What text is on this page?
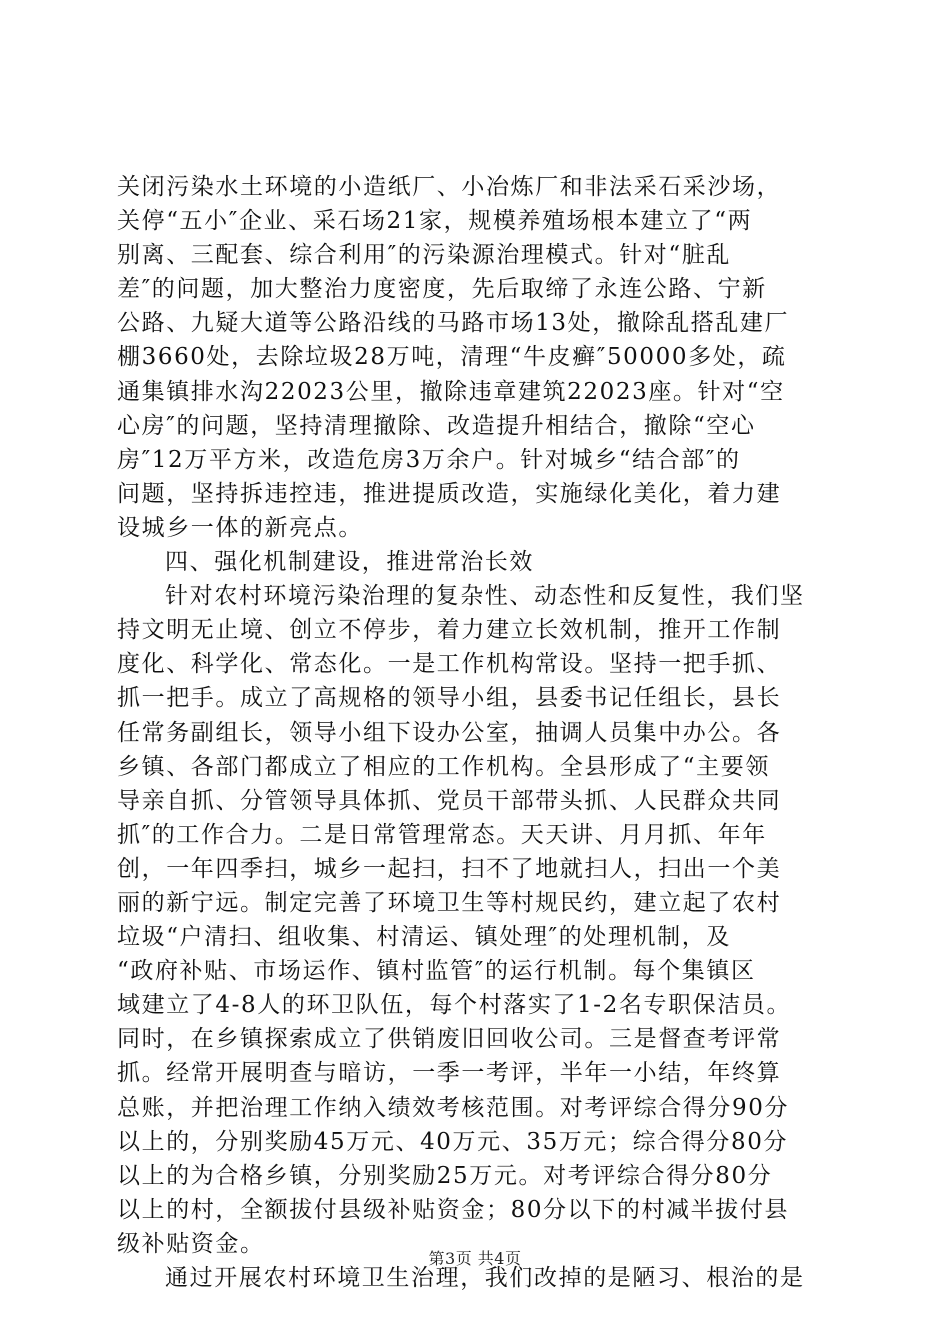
关闭污染水土环境的小造纸厂、小冶炼厂和非法采石采沙场，
关停“五小″企业、采石场21家，规模养殖场根本建立了“两
别离、三配套、综合利用″的污染源治理模式。针对“脏乱
差″的问题，加大整治力度密度，先后取缔了永连公路、宁新
公路、九疑大道等公路沿线的马路市场13处，撤除乱搭乱建厂
棚3660处，去除垃圾28万吨，清理“牛皮癣″50000多处，疏
通集镇排水沟22023公里，撤除违章建筑22023座。针对“空
心房″的问题，坚持清理撤除、改造提升相结合，撤除“空心
房″12万平方米，改造危房3万余户。针对城乡“结合部″的
问题，坚持拆违控违，推进提质改造，实施绿化美化，着力建
设城乡一体的新亮点。
四、强化机制建设，推进常治长效
针对农村环境污染治理的复杂性、动态性和反复性，我们坚
持文明无止境、创立不停步，着力建立长效机制，推开工作制
度化、科学化、常态化。一是工作机构常设。坚持一把手抓、
抓一把手。成立了高规格的领导小组，县委书记任组长，县长
任常务副组长，领导小组下设办公室，抽调人员集中办公。各
乡镇、各部门都成立了相应的工作机构。全县形成了“主要领
导亲自抓、分管领导具体抓、党员干部带头抓、人民群众共同
抓″的工作合力。二是日常管理常态。天天讲、月月抓、年年
创，一年四季扫，城乡一起扫，扫不了地就扫人，扫出一个美
丽的新宁远。制定完善了环境卫生等村规民约，建立起了农村
垃圾“户清扫、组收集、村清运、镇处理″的处理机制，及
“政府补贴、市场运作、镇村监管″的运行机制。每个集镇区
域建立了4-8人的环卫队伍，每个村落实了1-2名专职保洁员。
同时，在乡镇探索成立了供销废旧回收公司。三是督查考评常
抓。经常开展明查与暗访，一季一考评，半年一小结，年终算
总账，并把治理工作纳入绩效考核范围。对考评综合得分90分
以上的，分别奖励45万元、40万元、35万元；综合得分80分
以上的为合格乡镇，分别奖励25万元。对考评综合得分80分
以上的村，全额拔付县级补贴资金；80分以下的村减半拔付县
级补贴资金。
通过开展农村环境卫生治理，我们改掉的是陋习、根治的是
第3页 共4页
